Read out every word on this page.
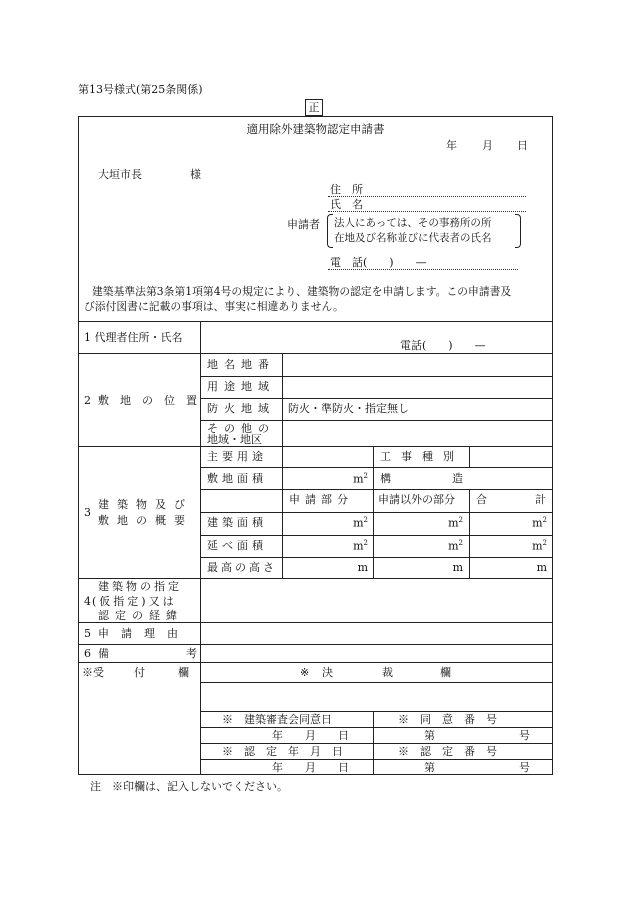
第13号様式(第25条関係)
正
適用除外建築物認定申請書
年 月 日
大垣市長	様
住　所
氏　名
申請者 法人にあっては、その事務所の所
在地及び名称並びに代表者の氏名
電　話(　　)　　—
建築基準法第3条第1項第4号の規定により、建築物の認定を申請します。この申請書及
び添付図書に記載の事項は、事実に相違ありません。
1 代理者住所・氏名
電話(　　)　　—
2 敷地の位置
地名地番
用途地域
防火地域 防火・準防火・指定無し
その他の
地域・地区
3
建築物及び
敷地の概要
主要用途	工事種別
敷地面積	$m^2$ 構	造
申請部分 申請以外の部分 合	計
建築面積	$m^2$	$m^2$	$m^2$
延べ面積	$m^2$	$m^2$	$m^2$
最高の高さ	m	m	m
4
建築物の指定
(仮指定)又は
認定の経緯
5 申請理由
6 備	考
※受	付	欄	※ 決	裁	欄
※　建築審査会同意日	※　同　意　番　号
年　　月　　日	第	号
※　認　定　年　月　日	※　認　定　番　号
年　　月　　日	第	号
注　※印欄は、記入しないでください。
